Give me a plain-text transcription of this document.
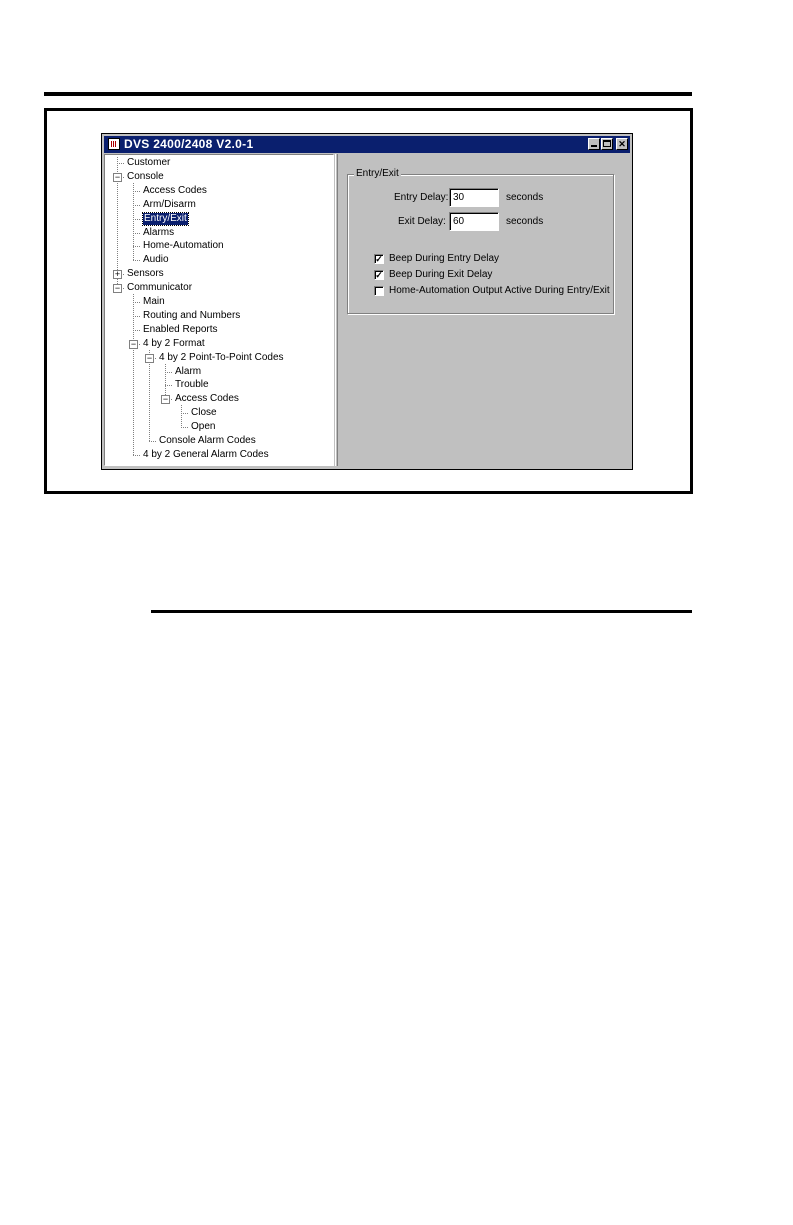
DVS 2400/2408 V2.0-1	✕
Customer
− Console
Access Codes
Arm/Disarm
Entry/Exit
Alarms
Home-Automation
Audio
+ Sensors
− Communicator
Main
Routing and Numbers
Enabled Reports
− 4 by 2 Format
− 4 by 2 Point-To-Point Codes
Alarm
Trouble
− Access Codes
Close
Open
Console Alarm Codes
4 by 2 General Alarm Codes
Entry/Exit
Entry Delay:
30	seconds
Exit Delay:
60	seconds
✓ Beep During Entry Delay
✓ Beep During Exit Delay
Home-Automation Output Active During Entry/Exit
